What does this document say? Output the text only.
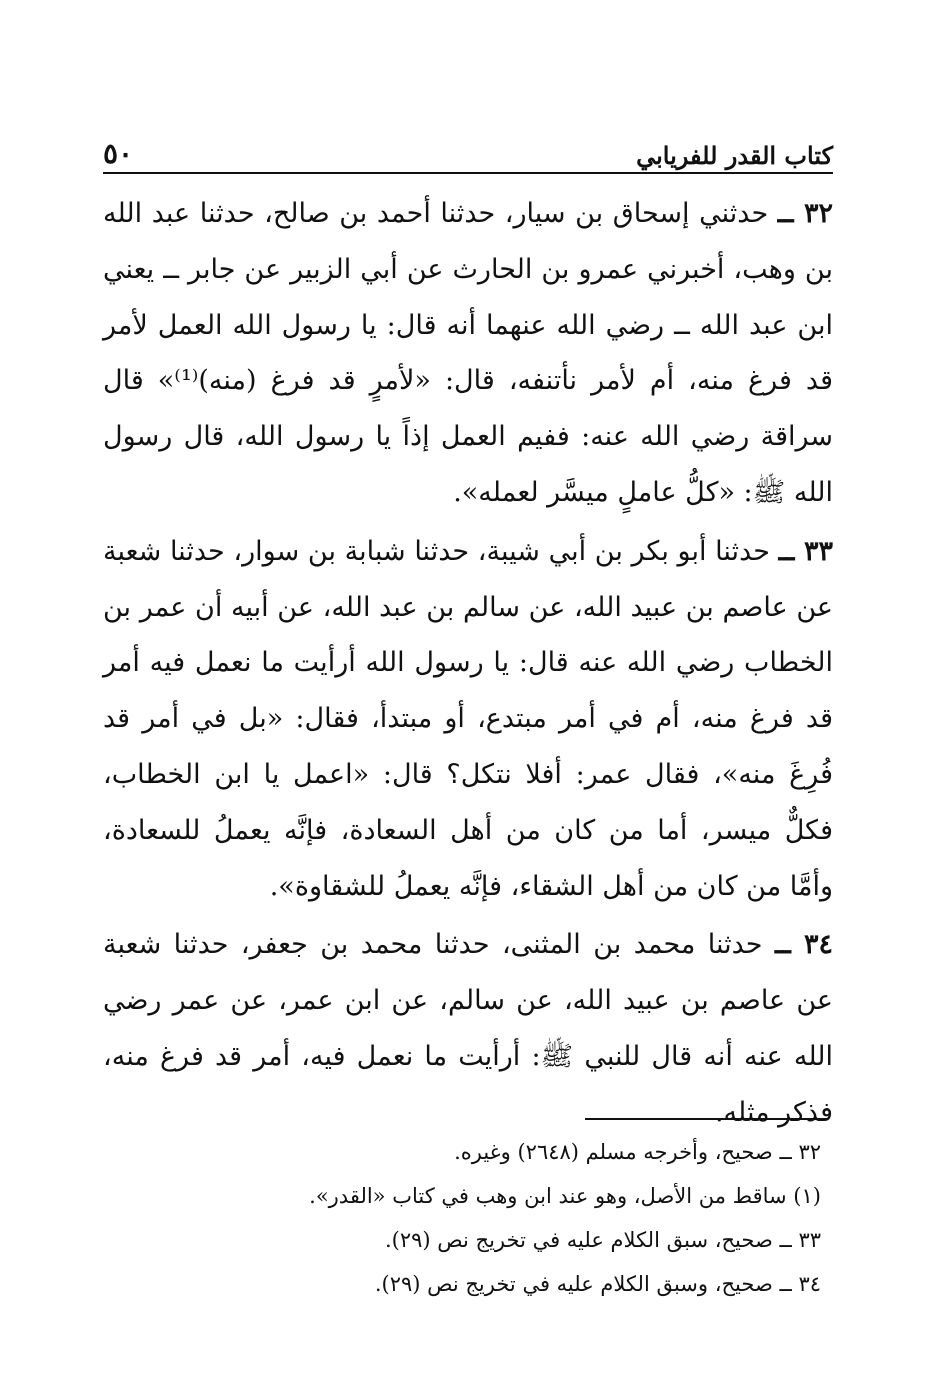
كتاب القدر للفريابي
٥٠

٣٢ ــ حدثني إسحاق بن سيار، حدثنا أحمد بن صالح، حدثنا عبد الله بن وهب، أخبرني عمرو بن الحارث عن أبي الزبير عن جابر ــ يعني ابن عبد الله ــ رضي الله عنهما أنه قال: يا رسول الله العمل لأمر قد فرغ منه، أم لأمر نأتنفه، قال: «لأمرٍ قد فرغ (منه)⁽¹⁾» قال سراقة رضي الله عنه: ففيم العمل إذاً يا رسول الله، قال رسول الله ﷺ: «كلُّ عاملٍ ميسَّر لعمله».

٣٣ ــ حدثنا أبو بكر بن أبي شيبة، حدثنا شبابة بن سوار، حدثنا شعبة عن عاصم بن عبيد الله، عن سالم بن عبد الله، عن أبيه أن عمر بن الخطاب رضي الله عنه قال: يا رسول الله أرأيت ما نعمل فيه أمر قد فرغ منه، أم في أمر مبتدع، أو مبتدأ، فقال: «بل في أمر قد فُرِغَ منه»، فقال عمر: أفلا نتكل؟ قال: «اعمل يا ابن الخطاب، فكلٌّ ميسر، أما من كان من أهل السعادة، فإنَّه يعملُ للسعادة، وأمَّا من كان من أهل الشقاء، فإنَّه يعملُ للشقاوة».

٣٤ ــ حدثنا محمد بن المثنى، حدثنا محمد بن جعفر، حدثنا شعبة عن عاصم بن عبيد الله، عن سالم، عن ابن عمر، عن عمر رضي الله عنه أنه قال للنبي ﷺ: أرأيت ما نعمل فيه، أمر قد فرغ منه، فذكر مثله.

٣٢ ــ صحيح، وأخرجه مسلم (٢٦٤٨) وغيره.
(١) ساقط من الأصل، وهو عند ابن وهب في كتاب «القدر».
٣٣ ــ صحيح، سبق الكلام عليه في تخريج نص (٢٩).
٣٤ ــ صحيح، وسبق الكلام عليه في تخريج نص (٢٩).
